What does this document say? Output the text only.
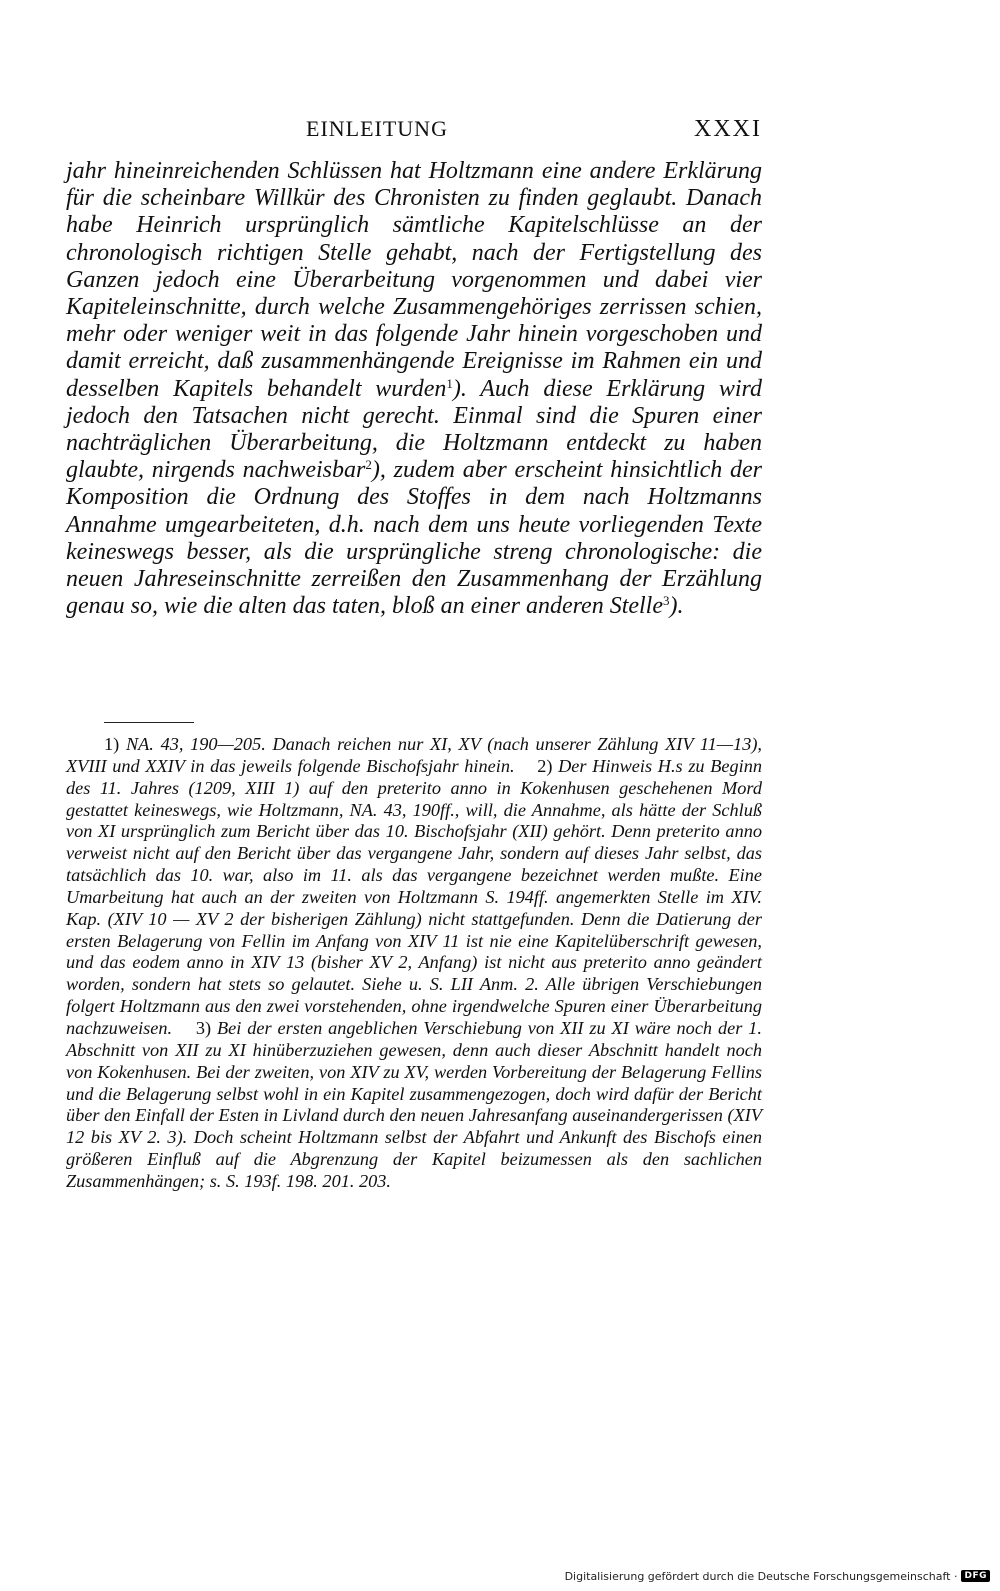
EINLEITUNG	XXXI
jahr hineinreichenden Schlüssen hat Holtzmann eine andere Erklärung für die scheinbare Willkür des Chronisten zu finden geglaubt. Danach habe Heinrich ursprünglich sämtliche Kapitelschlüsse an der chronologisch richtigen Stelle gehabt, nach der Fertigstellung des Ganzen jedoch eine Überarbeitung vorgenommen und dabei vier Kapiteleinschnitte, durch welche Zusammengehöriges zerrissen schien, mehr oder weniger weit in das folgende Jahr hinein vorgeschoben und damit erreicht, daß zusammenhängende Ereignisse im Rahmen ein und desselben Kapitels behandelt wurden$^1$). Auch diese Erklärung wird jedoch den Tatsachen nicht gerecht. Einmal sind die Spuren einer nachträglichen Überarbeitung, die Holtzmann entdeckt zu haben glaubte, nirgends nachweisbar$^2$), zudem aber erscheint hinsichtlich der Komposition die Ordnung des Stoffes in dem nach Holtzmanns Annahme umgearbeiteten, d.h. nach dem uns heute vorliegenden Texte keineswegs besser, als die ursprüngliche streng chronologische: die neuen Jahreseinschnitte zerreißen den Zusammenhang der Erzählung genau so, wie die alten das taten, bloß an einer anderen Stelle$^3$).
1) NA. 43, 190—205. Danach reichen nur XI, XV (nach unserer Zählung XIV 11—13), XVIII und XXIV in das jeweils folgende Bischofsjahr hinein. 2) Der Hinweis H.s zu Beginn des 11. Jahres (1209, XIII 1) auf den preterito anno in Kokenhusen geschehenen Mord gestattet keineswegs, wie Holtzmann, NA. 43, 190ff., will, die Annahme, als hätte der Schluß von XI ursprünglich zum Bericht über das 10. Bischofsjahr (XII) gehört. Denn preterito anno verweist nicht auf den Bericht über das vergangene Jahr, sondern auf dieses Jahr selbst, das tatsächlich das 10. war, also im 11. als das vergangene bezeichnet werden mußte. Eine Umarbeitung hat auch an der zweiten von Holtzmann S. 194ff. angemerkten Stelle im XIV. Kap. (XIV 10 — XV 2 der bisherigen Zählung) nicht stattgefunden. Denn die Datierung der ersten Belagerung von Fellin im Anfang von XIV 11 ist nie eine Kapitelüberschrift gewesen, und das eodem anno in XIV 13 (bisher XV 2, Anfang) ist nicht aus preterito anno geändert worden, sondern hat stets so gelautet. Siehe u. S. LII Anm. 2. Alle übrigen Verschiebungen folgert Holtzmann aus den zwei vorstehenden, ohne irgendwelche Spuren einer Überarbeitung nachzuweisen. 3) Bei der ersten angeblichen Verschiebung von XII zu XI wäre noch der 1. Abschnitt von XII zu XI hinüberzuziehen gewesen, denn auch dieser Abschnitt handelt noch von Kokenhusen. Bei der zweiten, von XIV zu XV, werden Vorbereitung der Belagerung Fellins und die Belagerung selbst wohl in ein Kapitel zusammengezogen, doch wird dafür der Bericht über den Einfall der Esten in Livland durch den neuen Jahresanfang auseinandergerissen (XIV 12 bis XV 2. 3). Doch scheint Holtzmann selbst der Abfahrt und Ankunft des Bischofs einen größeren Einfluß auf die Abgrenzung der Kapitel beizumessen als den sachlichen Zusammenhängen; s. S. 193f. 198. 201. 203.
Digitalisierung gefördert durch die Deutsche Forschungsgemeinschaft · DFG
